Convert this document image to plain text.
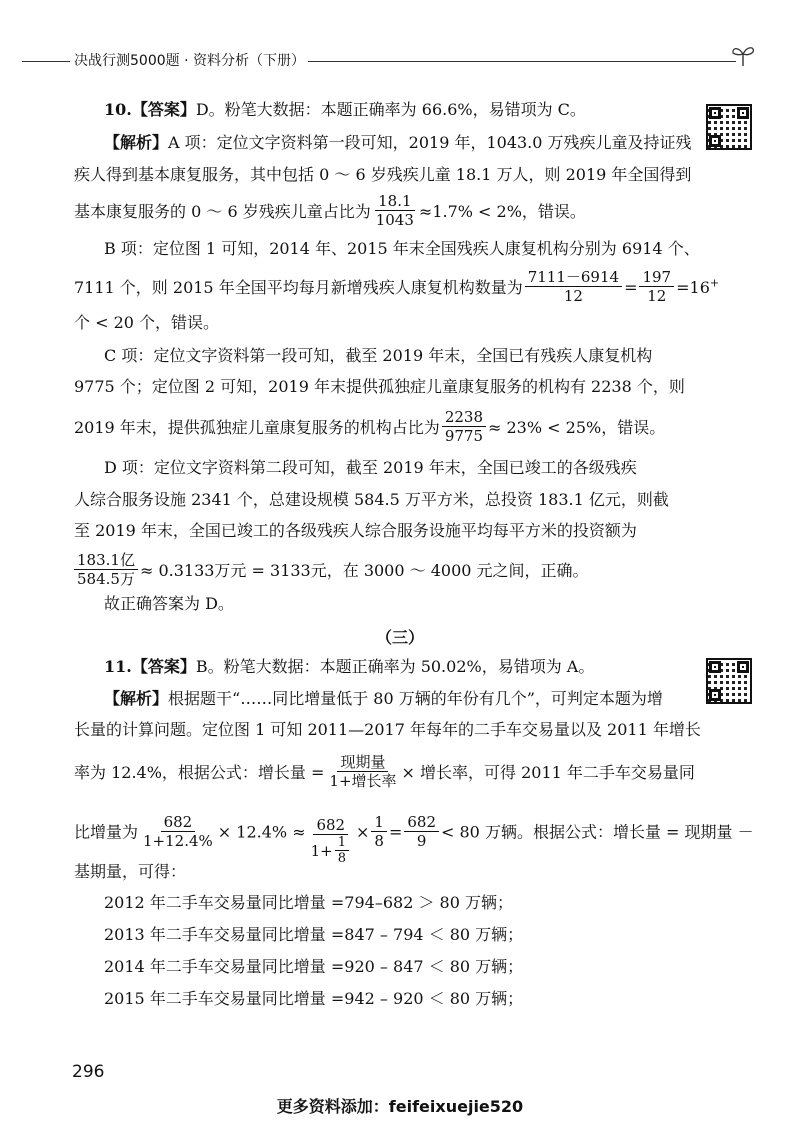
决战行测5000题 · 资料分析（下册）
10.【答案】D。粉笔大数据：本题正确率为 66.6%，易错项为 C。
【解析】A 项：定位文字资料第一段可知，2019 年，1043.0 万残疾儿童及持证残
疾人得到基本康复服务，其中包括 0 ～ 6 岁残疾儿童 18.1 万人，则 2019 年全国得到
基本康复服务的 0 ～ 6 岁残疾儿童占比为 $\frac{18.1}{1043} \approx 1.7\% < 2\%$，错误。
B 项：定位图 1 可知，2014 年、2015 年末全国残疾人康复机构分别为 6914 个、
7111 个，则 2015 年全国平均每月新增残疾人康复机构数量为 $\frac{7111-6914}{12} = \frac{197}{12} =16^+$
个 < 20 个，错误。
C 项：定位文字资料第一段可知，截至 2019 年末，全国已有残疾人康复机构
9775 个；定位图 2 可知，2019 年末提供孤独症儿童康复服务的机构有 2238 个，则
2019 年末，提供孤独症儿童康复服务的机构占比为 $\frac{2238}{9775} \approx 23\% < 25\%$，错误。
D 项：定位文字资料第二段可知，截至 2019 年末，全国已竣工的各级残疾
人综合服务设施 2341 个，总建设规模 584.5 万平方米，总投资 183.1 亿元，则截
至 2019 年末，全国已竣工的各级残疾人综合服务设施平均每平方米的投资额为
$\frac{\text{183.1亿}}{\text{584.5万}} \approx 0.3133$万元 = 3133元，在 3000 ～ 4000 元之间，正确。
故正确答案为 D。
（三）
11.【答案】B。粉笔大数据：本题正确率为 50.02%，易错项为 A。
【解析】根据题干“……同比增量低于 80 万辆的年份有几个”，可判定本题为增
长量的计算问题。定位图 1 可知 2011—2017 年每年的二手车交易量以及 2011 年增长
率为 12.4%，根据公式：增长量 = $\frac{\text{现期量}}{\text{1+增长率}}$ × 增长率，可得 2011 年二手车交易量同
比增量为 $\frac{682}{1+12.4\%} \times 12.4\% \approx \frac{682}{1+ \frac{1}{8}} \times \frac{1}{8} = \frac{682}{9} < 80$ 万辆。根据公式：增长量 = 现期量 －
基期量，可得：
2012 年二手车交易量同比增量 =794–682 ＞ 80 万辆；
2013 年二手车交易量同比增量 =847 – 794 ＜ 80 万辆；
2014 年二手车交易量同比增量 =920 – 847 ＜ 80 万辆；
2015 年二手车交易量同比增量 =942 – 920 ＜ 80 万辆；
296
更多资料添加：feifeixuejie520
